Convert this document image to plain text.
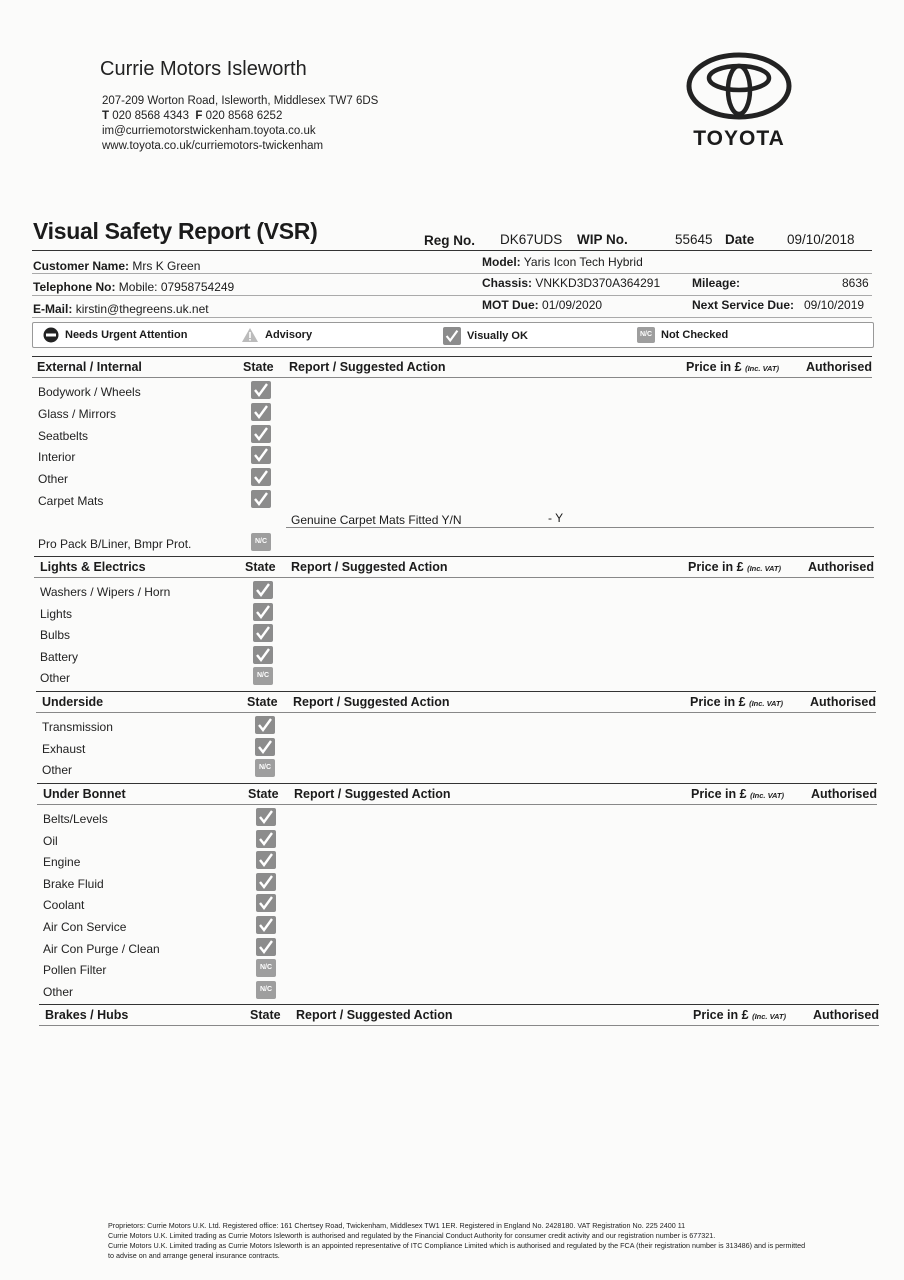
Currie Motors Isleworth
207-209 Worton Road, Isleworth, Middlesex TW7 6DS
T 020 8568 4343 F 020 8568 6252
im@curriemotorstwickenham.toyota.co.uk
www.toyota.co.uk/curriemotors-twickenham	TOYOTA
Visual Safety Report (VSR)	Reg No. DK67UDS WIP No.	55645 Date 09/10/2018
Customer Name: Mrs K Green
Telephone No: Mobile: 07958754249
E-Mail: kirstin@thegreens.uk.net
Model: Yaris Icon Tech Hybrid
Chassis: VNKKD3D370A364291
MOT Due: 01/09/2020
Mileage:	8636
Next Service Due: 09/10/2019
Needs Urgent Attention	Advisory	Visually OK	N/C Not Checked
External / Internal	State Report / Suggested Action	Price in £ (Inc. VAT) Authorised
Bodywork / Wheels
Glass / Mirrors
Seatbelts
Interior
Other
Carpet Mats
Genuine Carpet Mats Fitted Y/N	- Y
Pro Pack B/Liner, Bmpr Prot.	N/C
Lights & Electrics	State Report / Suggested Action	Price in £ (Inc. VAT) Authorised
Washers / Wipers / Horn
Lights
Bulbs
Battery
Other	N/C
Underside	State Report / Suggested Action	Price in £ (Inc. VAT) Authorised
Transmission
Exhaust
Other	N/C
Under Bonnet	State Report / Suggested Action	Price in £ (Inc. VAT) Authorised
Belts/Levels
Oil
Engine
Brake Fluid
Coolant
Air Con Service
Air Con Purge / Clean
Pollen Filter	N/C
Other	N/C
Brakes / Hubs	State Report / Suggested Action	Price in £ (Inc. VAT) Authorised
Proprietors: Currie Motors U.K. Ltd. Registered office: 161 Chertsey Road, Twickenham, Middlesex TW1 1ER. Registered in England No. 2428180. VAT Registration No. 225 2400 11
Currie Motors U.K. Limited trading as Currie Motors Isleworth is authorised and regulated by the Financial Conduct Authority for consumer credit activity and our registration number is 677321.
Currie Motors U.K. Limited trading as Currie Motors Isleworth is an appointed representative of ITC Compliance Limited which is authorised and regulated by the FCA (their registration number is 313486) and is permitted to advise on and arrange general insurance contracts.
